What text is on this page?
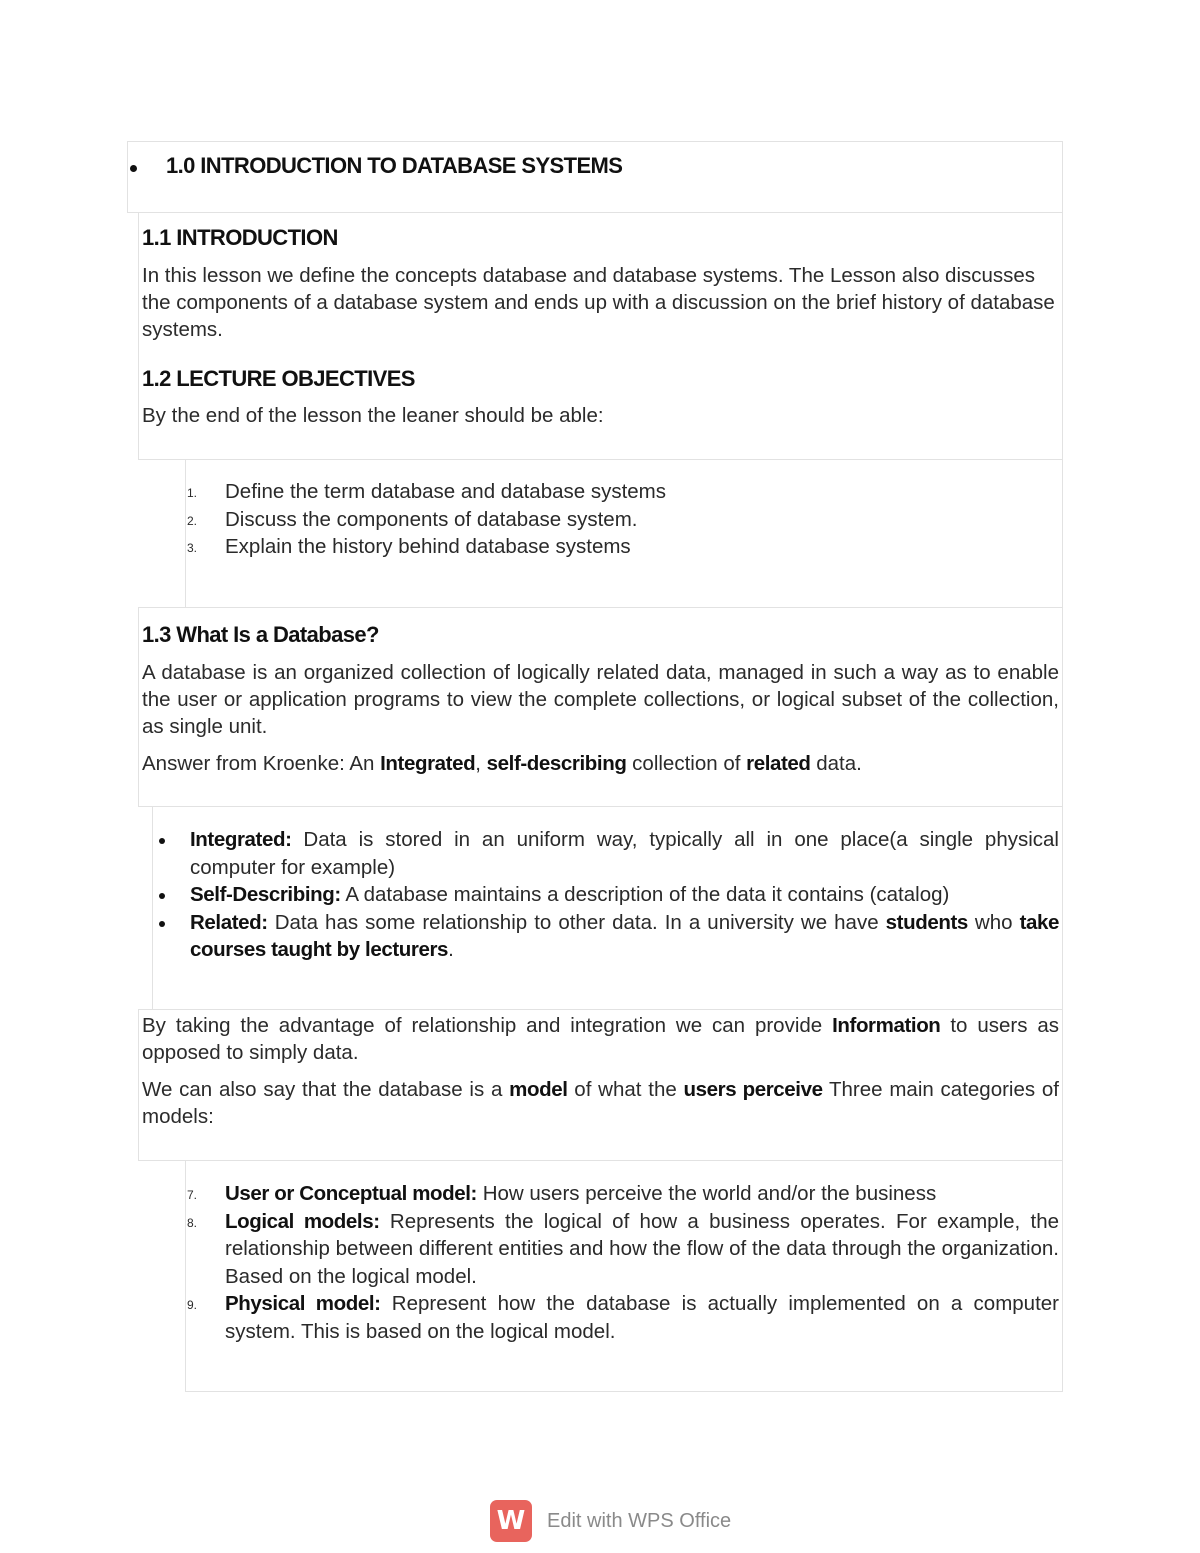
1.0 INTRODUCTION TO DATABASE SYSTEMS
1.1 INTRODUCTION
In this lesson we define the concepts database and database systems. The Lesson also discusses the components of a database system and ends up with a discussion on the brief history of database systems.
1.2 LECTURE OBJECTIVES
By the end of the lesson the leaner should be able:
1. Define the term database and database systems
2. Discuss the components of database system.
3. Explain the history behind database systems
1.3 What Is a Database?
A database is an organized collection of logically related data, managed in such a way as to enable the user or application programs to view the complete collections, or logical subset of the collection, as single unit.
Answer from Kroenke: An Integrated, self-describing collection of related data.
Integrated: Data is stored in an uniform way, typically all in one place(a single physical computer for example)
Self-Describing: A database maintains a description of the data it contains (catalog)
Related: Data has some relationship to other data. In a university we have students who take courses taught by lecturers.
By taking the advantage of relationship and integration we can provide Information to users as opposed to simply data.
We can also say that the database is a model of what the users perceive Three main categories of models:
7. User or Conceptual model: How users perceive the world and/or the business
8. Logical models: Represents the logical of how a business operates. For example, the relationship between different entities and how the flow of the data through the organization. Based on the logical model.
9. Physical model: Represent how the database is actually implemented on a computer system. This is based on the logical model.
W	Edit with WPS Office
